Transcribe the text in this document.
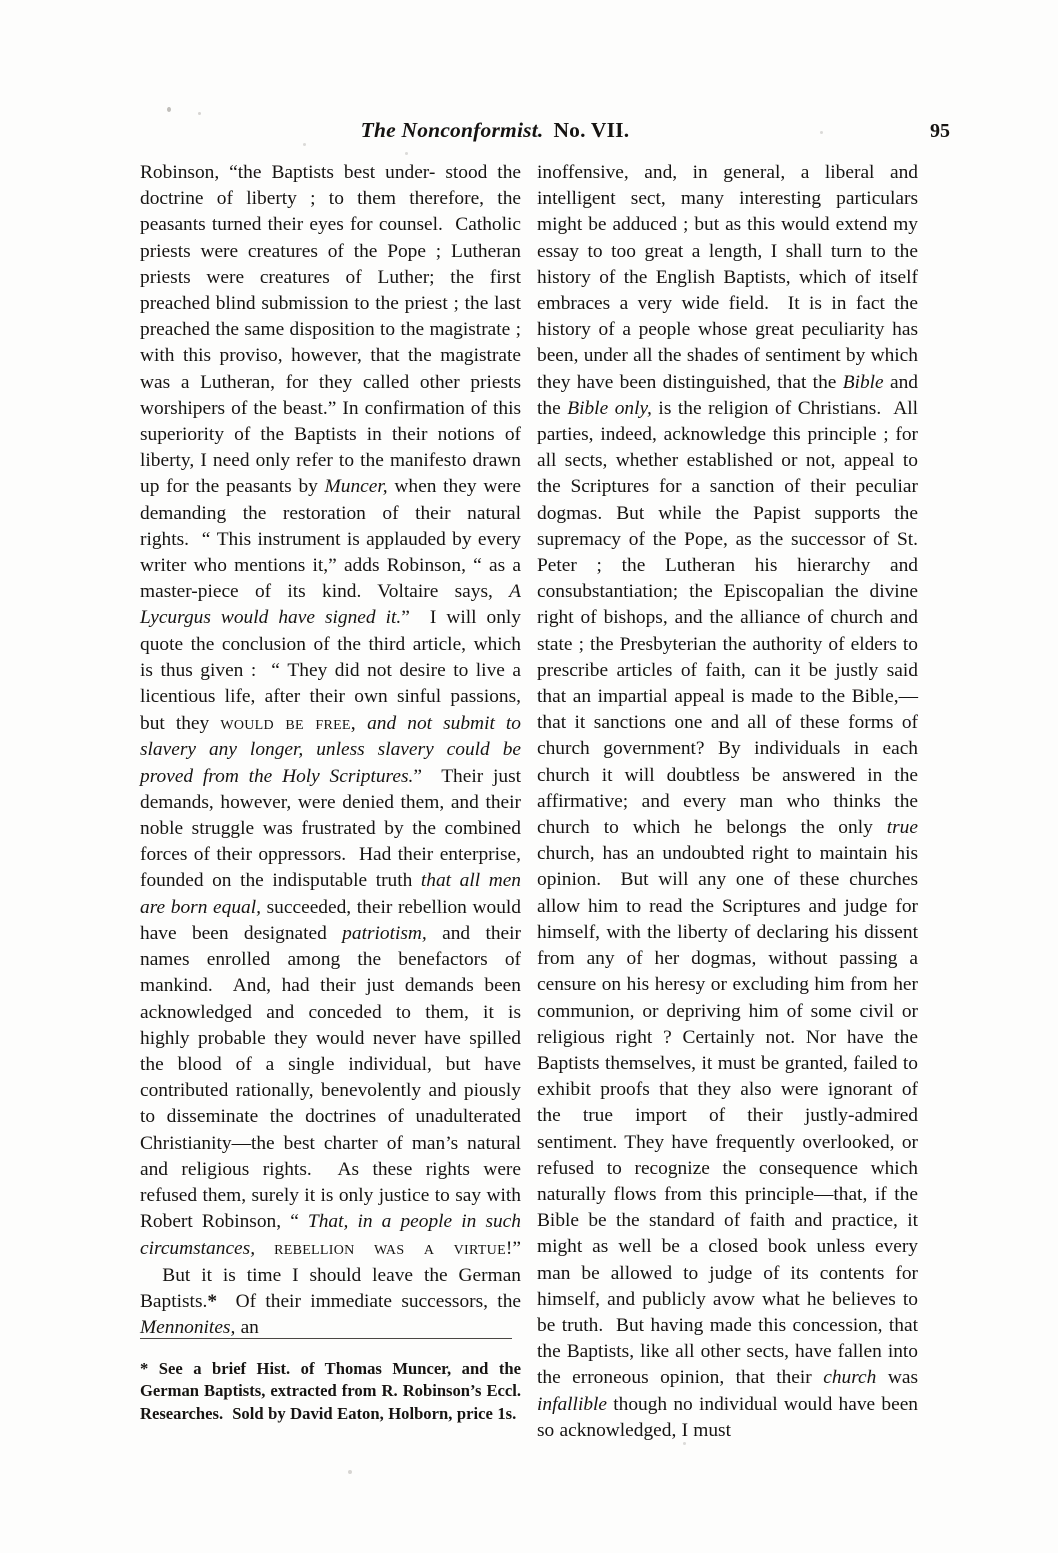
The Nonconformist. No. VII.	95

Robinson, “the Baptists best under- stood the doctrine of liberty ; to them therefore, the peasants turned their eyes for counsel.  Catholic priests were creatures of the Pope ; Lutheran priests were creatures of Luther; the first preached blind submission to the priest ; the last preached the same disposition to the magistrate ; with this proviso, however, that the magistrate was a Lutheran, for they called other priests worshipers of the beast.” In confirmation of this superiority of the Baptists in their notions of liberty, I need only refer to the manifesto drawn up for the peasants by Muncer, when they were demanding the restoration of their natural rights.  “ This instrument is applauded by every writer who mentions it,” adds Robinson, “ as a master-piece of its kind. Voltaire says, A Lycurgus would have signed it.”  I will only quote the conclusion of the third article, which is thus given :  “ They did not desire to live a licentious life, after their own sinful passions, but they would be free, and not submit to slavery any longer, unless slavery could be proved from the Holy Scriptures.”  Their just demands, however, were denied them, and their noble struggle was frustrated by the combined forces of their oppressors.  Had their enterprise, founded on the indisputable truth that all men are born equal, succeeded, their rebellion would have been designated patriotism, and their names enrolled among the benefactors of mankind.  And, had their just demands been acknowledged and conceded to them, it is highly probable they would never have spilled the blood of a single individual, but have contributed rationally, benevolently and piously to disseminate the doctrines of unadulterated Christianity—the best charter of man’s natural and religious rights.  As these rights were refused them, surely it is only justice to say with Robert Robinson, “ That, in a people in such circumstances, rebellion was a virtue!”

But it is time I should leave the German Baptists.*  Of their immediate successors, the Mennonites, an

* See a brief Hist. of Thomas Muncer, and the German Baptists, extracted from R. Robinson’s Eccl. Researches.  Sold by David Eaton, Holborn, price 1s.

inoffensive, and, in general, a liberal and intelligent sect, many interesting particulars might be adduced ; but as this would extend my essay to too great a length, I shall turn to the history of the English Baptists, which of itself embraces a very wide field.  It is in fact the history of a people whose great peculiarity has been, under all the shades of sentiment by which they have been distinguished, that the Bible and the Bible only, is the religion of Christians.  All parties, indeed, acknowledge this principle ; for all sects, whether established or not, appeal to the Scriptures for a sanction of their peculiar dogmas. But while the Papist supports the supremacy of the Pope, as the successor of St. Peter ; the Lutheran his hierarchy and consubstantiation; the Episcopalian the divine right of bishops, and the alliance of church and state ; the Presbyterian the authority of elders to prescribe articles of faith, can it be justly said that an impartial appeal is made to the Bible,—that it sanctions one and all of these forms of church government? By individuals in each church it will doubtless be answered in the affirmative; and every man who thinks the church to which he belongs the only true church, has an undoubted right to maintain his opinion.  But will any one of these churches allow him to read the Scriptures and judge for himself, with the liberty of declaring his dissent from any of her dogmas, without passing a censure on his heresy or excluding him from her communion, or depriving him of some civil or religious right ? Certainly not. Nor have the Baptists themselves, it must be granted, failed to exhibit proofs that they also were ignorant of the true import of their justly-admired sentiment. They have frequently overlooked, or refused to recognize the consequence which naturally flows from this principle—that, if the Bible be the standard of faith and practice, it might as well be a closed book unless every man be allowed to judge of its contents for himself, and publicly avow what he believes to be truth.  But having made this concession, that the Baptists, like all other sects, have fallen into the erroneous opinion, that their church was infallible though no individual would have been so acknowledged, I must
